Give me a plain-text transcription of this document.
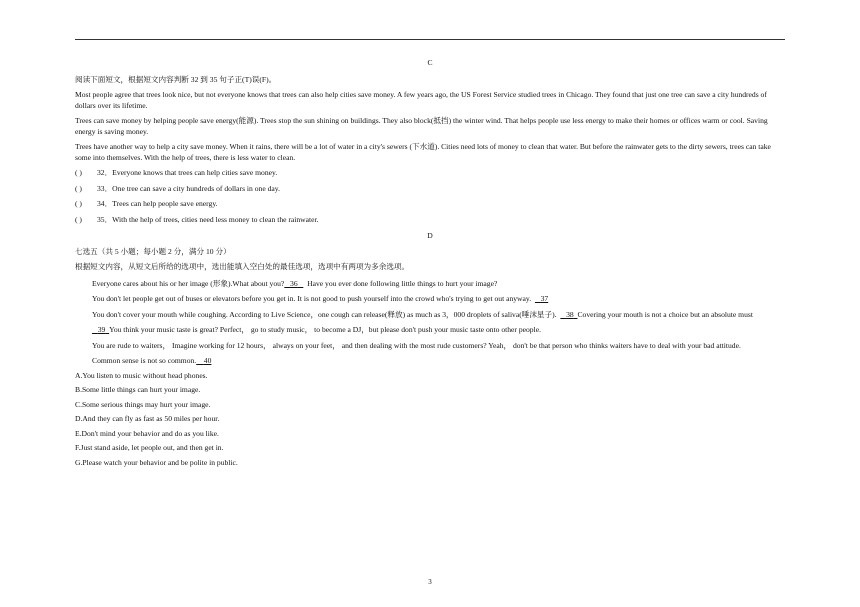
C

阅读下面短文，根据短文内容判断 32 到 35 句子正(T)误(F)。

Most people agree that trees look nice, but not everyone knows that trees can also help cities save money. A few years ago, the US Forest Service studied trees in Chicago. They found that just one tree can save a city hundreds of dollars over its lifetime.

Trees can save money by helping people save energy(能源). Trees stop the sun shining on buildings. They also block(抵挡) the winter wind. That helps people use less energy to make their homes or offices warm or cool. Saving energy is saving money.

Trees have another way to help a city save money. When it rains, there will be a lot of water in a city's sewers (下水道). Cities need lots of money to clean that water. But before the rainwater gets to the dirty sewers, trees can take some into themselves. With the help of trees, there is less water to clean.

( ) 32．Everyone knows that trees can help cities save money.

( ) 33．One tree can save a city hundreds of dollars in one day.

( ) 34．Trees can help people save energy.

( ) 35．With the help of trees, cities need less money to clean the rainwater.

D

七选五（共 5 小题；每小题 2 分，满分 10 分）

根据短文内容，从短文后所给的选项中，选出能填入空白处的最佳选项，选项中有两项为多余选项。

Everyone cares about his or her image (形象).What about you? 36 Have you ever done following little things to hurt your image?

You don't let people get out of buses or elevators before you get in. It is not good to push yourself into the crowd who's trying to get out anyway. 37

You don't cover your mouth while coughing. According to Live Science，one cough can release(释放) as much as 3，000 droplets of saliva(唾沫星子). 38 Covering your mouth is not a choice but an absolute must

39 You think your music taste is great? Perfect， go to study music， to become a DJ，but please don't push your music taste onto other people.

You are rude to waiters， Imagine working for 12 hours， always on your feet， and then dealing with the most rude customers? Yeah， don't be that person who thinks waiters have to deal with your bad attitude.

Common sense is not so common. 40

A.You listen to music without head phones.

B.Some little things can hurt your image.

C.Some serious things may hurt your image.

D.And they can fly as fast as 50 miles per hour.

E.Don't mind your behavior and do as you like.

F.Just stand aside, let people out, and then get in.

G.Please watch your behavior and be polite in public.

3
